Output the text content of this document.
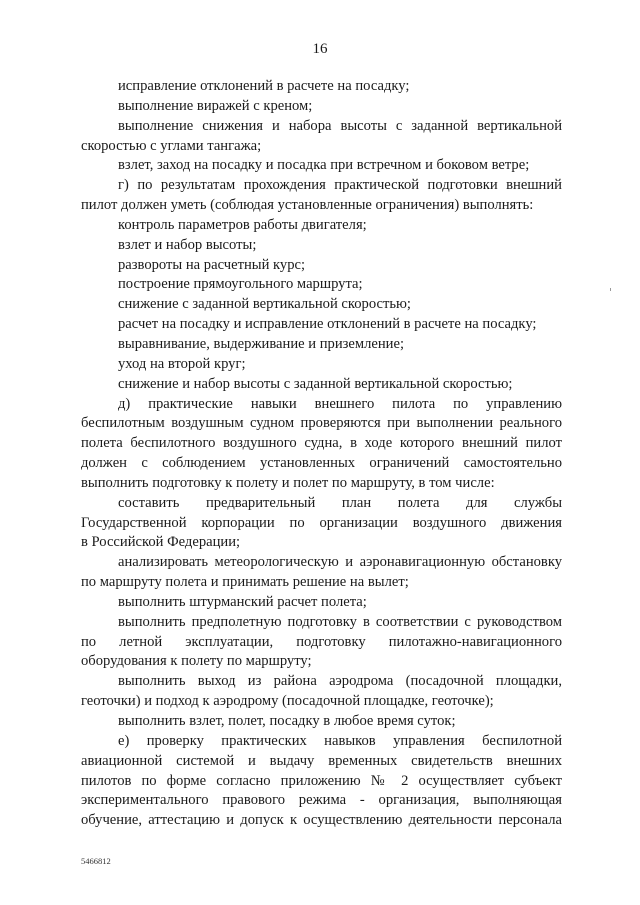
16
исправление отклонений в расчете на посадку;
выполнение виражей с креном;
выполнение снижения и набора высоты с заданной вертикальной
скоростью с углами тангажа;
взлет, заход на посадку и посадка при встречном и боковом ветре;
г) по результатам прохождения практической подготовки внешний
пилот должен уметь (соблюдая установленные ограничения) выполнять:
контроль параметров работы двигателя;
взлет и набор высоты;
развороты на расчетный курс;
построение прямоугольного маршрута;
снижение с заданной вертикальной скоростью;
расчет на посадку и исправление отклонений в расчете на посадку;
выравнивание, выдерживание и приземление;
уход на второй круг;
снижение и набор высоты с заданной вертикальной скоростью;
д) практические навыки внешнего пилота по управлению
беспилотным воздушным судном проверяются при выполнении реального
полета беспилотного воздушного судна, в ходе которого внешний пилот
должен с соблюдением установленных ограничений самостоятельно
выполнить подготовку к полету и полет по маршруту, в том числе:
составить предварительный план полета для службы
Государственной корпорации по организации воздушного движения
в Российской Федерации;
анализировать метеорологическую и аэронавигационную обстановку
по маршруту полета и принимать решение на вылет;
выполнить штурманский расчет полета;
выполнить предполетную подготовку в соответствии с руководством
по летной эксплуатации, подготовку пилотажно-навигационного
оборудования к полету по маршруту;
выполнить выход из района аэродрома (посадочной площадки,
геоточки) и подход к аэродрому (посадочной площадке, геоточке);
выполнить взлет, полет, посадку в любое время суток;
е) проверку практических навыков управления беспилотной
авиационной системой и выдачу временных свидетельств внешних
пилотов по форме согласно приложению № 2 осуществляет субъект
экспериментального правового режима - организация, выполняющая
обучение, аттестацию и допуск к осуществлению деятельности персонала
5466812
